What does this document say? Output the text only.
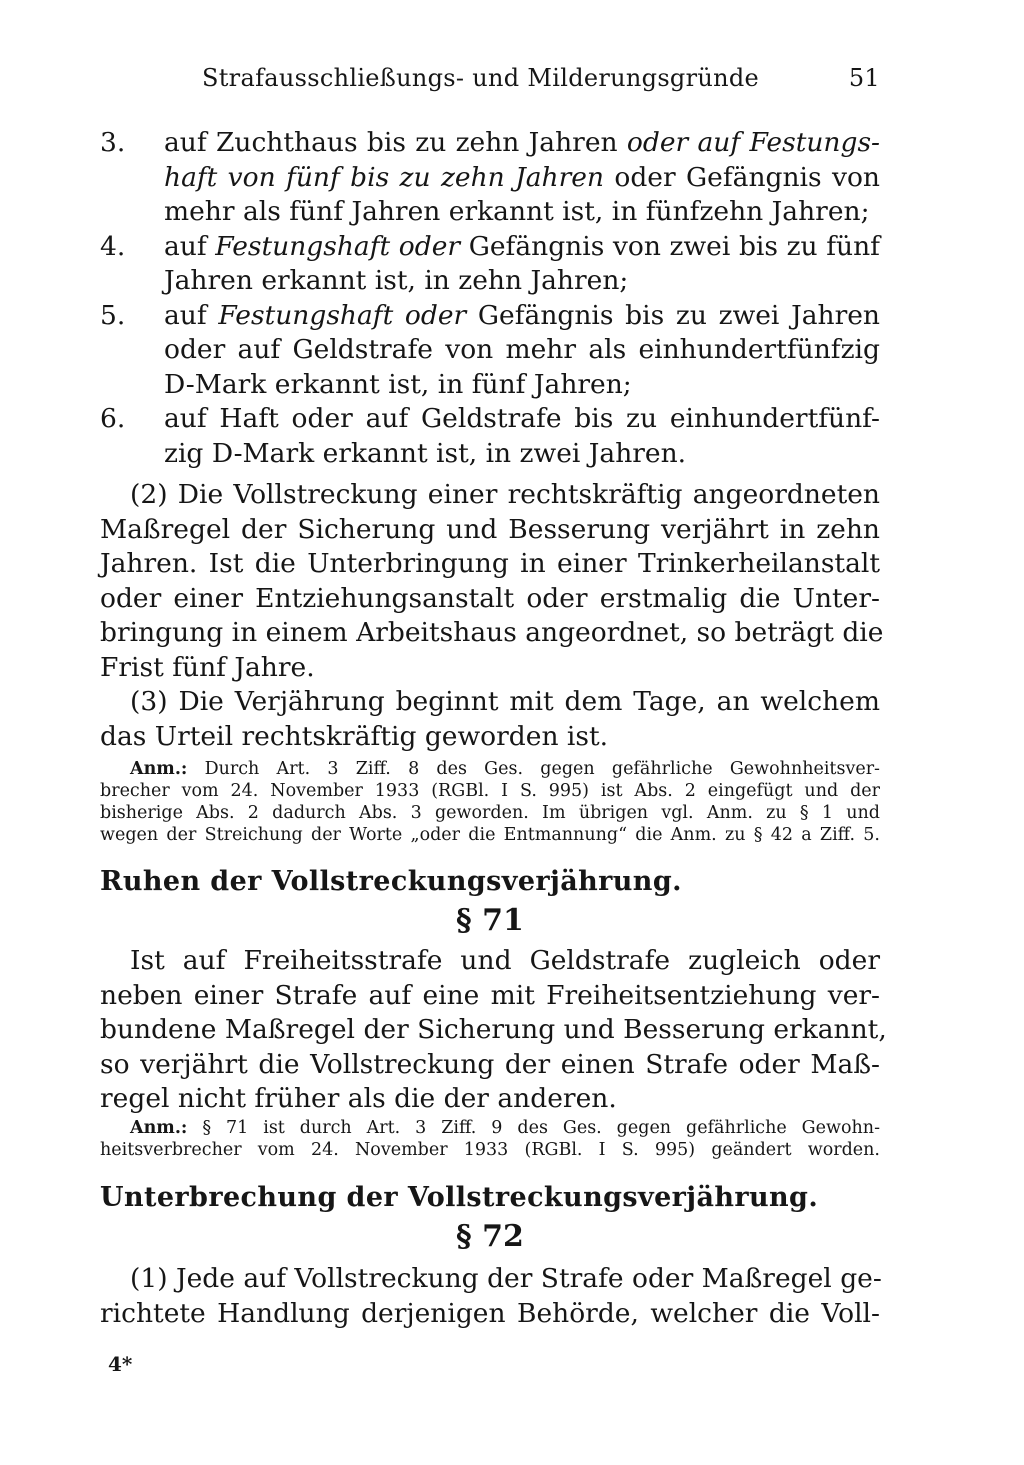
Strafausschließungs- und Milderungsgründe	51
3. auf Zuchthaus bis zu zehn Jahren oder auf Festungs-
haft von fünf bis zu zehn Jahren oder Gefängnis von
mehr als fünf Jahren erkannt ist, in fünfzehn Jahren;
4. auf Festungshaft oder Gefängnis von zwei bis zu fünf
Jahren erkannt ist, in zehn Jahren;
5. auf Festungshaft oder Gefängnis bis zu zwei Jahren
oder auf Geldstrafe von mehr als einhundertfünfzig
D-Mark erkannt ist, in fünf Jahren;
6. auf Haft oder auf Geldstrafe bis zu einhundertfünf-
zig D-Mark erkannt ist, in zwei Jahren.
(2) Die Vollstreckung einer rechtskräftig angeordneten
Maßregel der Sicherung und Besserung verjährt in zehn
Jahren. Ist die Unterbringung in einer Trinkerheilanstalt
oder einer Entziehungsanstalt oder erstmalig die Unter-
bringung in einem Arbeitshaus angeordnet, so beträgt die
Frist fünf Jahre.
(3) Die Verjährung beginnt mit dem Tage, an welchem
das Urteil rechtskräftig geworden ist.
Anm.: Durch Art. 3 Ziff. 8 des Ges. gegen gefährliche Gewohnheitsver-
brecher vom 24. November 1933 (RGBl. I S. 995) ist Abs. 2 eingefügt und der
bisherige Abs. 2 dadurch Abs. 3 geworden. Im übrigen vgl. Anm. zu § 1 und
wegen der Streichung der Worte „oder die Entmannung“ die Anm. zu § 42 a Ziff. 5.
Ruhen der Vollstreckungsverjährung.
§ 71
Ist auf Freiheitsstrafe und Geldstrafe zugleich oder
neben einer Strafe auf eine mit Freiheitsentziehung ver-
bundene Maßregel der Sicherung und Besserung erkannt,
so verjährt die Vollstreckung der einen Strafe oder Maß-
regel nicht früher als die der anderen.
Anm.: § 71 ist durch Art. 3 Ziff. 9 des Ges. gegen gefährliche Gewohn-
heitsverbrecher vom 24. November 1933 (RGBl. I S. 995) geändert worden.
Unterbrechung der Vollstreckungsverjährung.
§ 72
(1) Jede auf Vollstreckung der Strafe oder Maßregel ge-
richtete Handlung derjenigen Behörde, welcher die Voll-
4*
